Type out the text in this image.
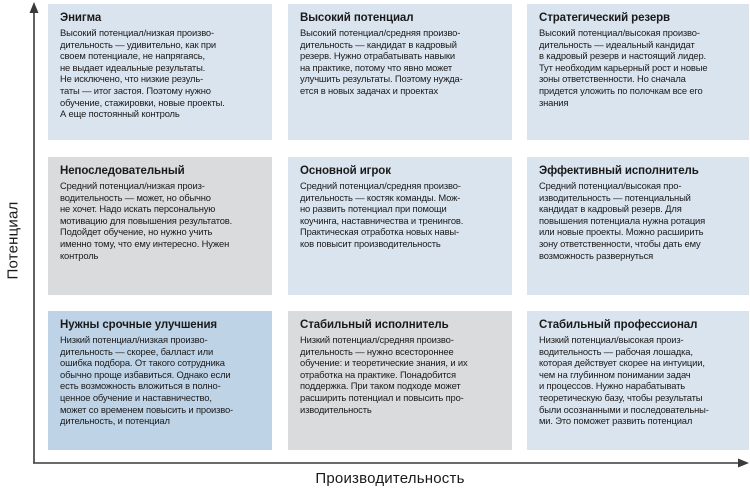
Потенциал
Производительность
Энигма
Высокий потенциал/низкая произво-
дительность — удивительно, как при
своем потенциале, не напрягаясь,
не выдает идеальные результаты.
Не исключено, что низкие резуль-
таты — итог застоя. Поэтому нужно
обучение, стажировки, новые проекты.
А еще постоянный контроль
Высокий потенциал
Высокий потенциал/средняя произво-
дительность — кандидат в кадровый
резерв. Нужно отрабатывать навыки
на практике, потому что явно может
улучшить результаты. Поэтому нужда-
ется в новых задачах и проектах
Стратегический резерв
Высокий потенциал/высокая произво-
дительность — идеальный кандидат
в кадровый резерв и настоящий лидер.
Тут необходим карьерный рост и новые
зоны ответственности. Но сначала
придется уложить по полочкам все его
знания
Непоследовательный
Средний потенциал/низкая произ-
водительность — может, но обычно
не хочет. Надо искать персональную
мотивацию для повышения результатов.
Подойдет обучение, но нужно учить
именно тому, что ему интересно. Нужен
контроль
Основной игрок
Средний потенциал/средняя произво-
дительность — костяк команды. Мож-
но развить потенциал при помощи
коучинга, наставничества и тренингов.
Практическая отработка новых навы-
ков повысит производительность
Эффективный исполнитель
Средний потенциал/высокая про-
изводительность — потенциальный
кандидат в кадровый резерв. Для
повышения потенциала нужна ротация
или новые проекты. Можно расширить
зону ответственности, чтобы дать ему
возможность развернуться
Нужны срочные улучшения
Низкий потенциал/низкая произво-
дительность — скорее, балласт или
ошибка подбора. От такого сотрудника
обычно проще избавиться. Однако если
есть возможность вложиться в полно-
ценное обучение и наставничество,
может со временем повысить и произво-
дительность, и потенциал
Стабильный исполнитель
Низкий потенциал/средняя произво-
дительность — нужно всестороннее
обучение: и теоретические знания, и их
отработка на практике. Понадобится
поддержка. При таком подходе может
расширить потенциал и повысить про-
изводительность
Стабильный профессионал
Низкий потенциал/высокая произ-
водительность — рабочая лошадка,
которая действует скорее на интуиции,
чем на глубинном понимании задач
и процессов. Нужно нарабатывать
теоретическую базу, чтобы результаты
были осознанными и последовательны-
ми. Это поможет развить потенциал
